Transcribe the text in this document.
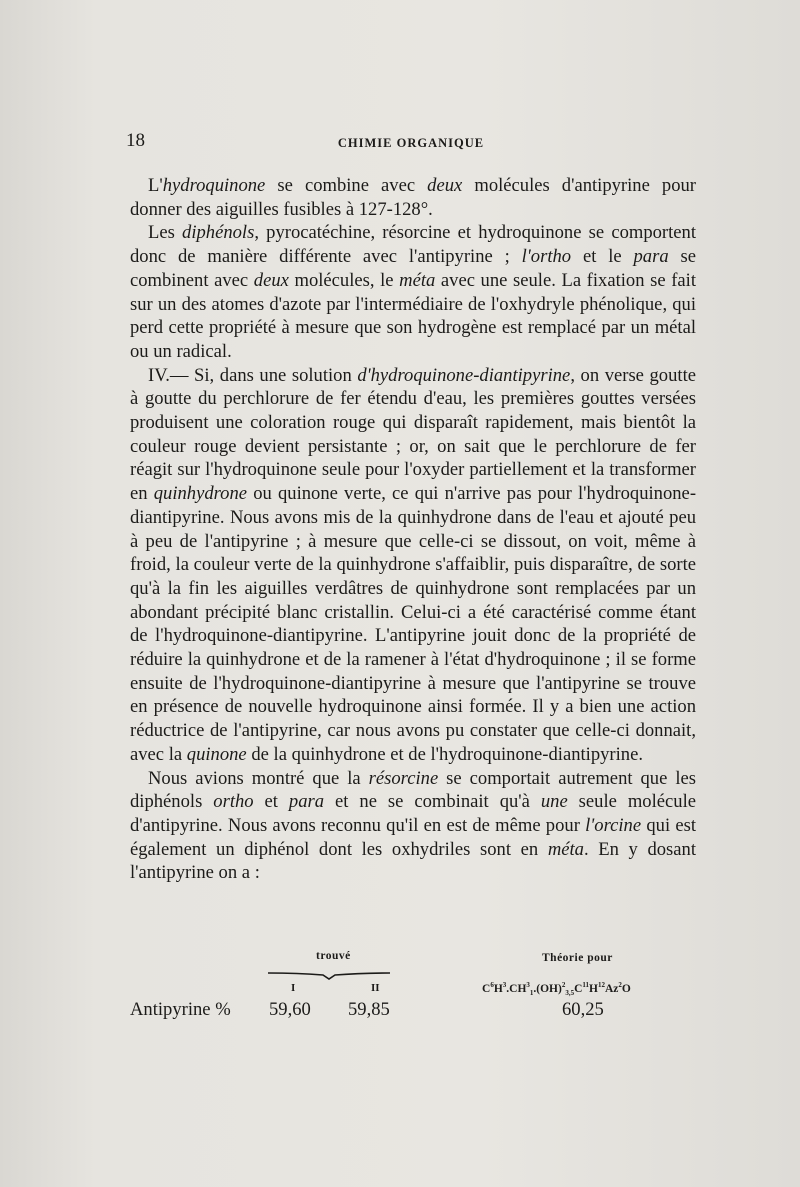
18	CHIMIE ORGANIQUE

L'hydroquinone se combine avec deux molécules d'antipyrine pour donner des aiguilles fusibles à 127-128°.

Les diphénols, pyrocatéchine, résorcine et hydroquinone se comportent donc de manière différente avec l'antipyrine ; l'ortho et le para se combinent avec deux molécules, le méta avec une seule. La fixation se fait sur un des atomes d'azote par l'intermédiaire de l'oxhydryle phénolique, qui perd cette propriété à mesure que son hydrogène est remplacé par un métal ou un radical.

IV.— Si, dans une solution d'hydroquinone-diantipyrine, on verse goutte à goutte du perchlorure de fer étendu d'eau, les premières gouttes versées produisent une coloration rouge qui disparaît rapidement, mais bientôt la couleur rouge devient persistante ; or, on sait que le perchlorure de fer réagit sur l'hydroquinone seule pour l'oxyder partiellement et la transformer en quinhydrone ou quinone verte, ce qui n'arrive pas pour l'hydroquinone-diantipyrine. Nous avons mis de la quinhydrone dans de l'eau et ajouté peu à peu de l'antipyrine ; à mesure que celle-ci se dissout, on voit, même à froid, la couleur verte de la quinhydrone s'affaiblir, puis disparaître, de sorte qu'à la fin les aiguilles verdâtres de quinhydrone sont remplacées par un abondant précipité blanc cristallin. Celui-ci a été caractérisé comme étant de l'hydroquinone-diantipyrine. L'antipyrine jouit donc de la propriété de réduire la quinhydrone et de la ramener à l'état d'hydroquinone ; il se forme ensuite de l'hydroquinone-diantipyrine à mesure que l'antipyrine se trouve en présence de nouvelle hydroquinone ainsi formée. Il y a bien une action réductrice de l'antipyrine, car nous avons pu constater que celle-ci donnait, avec la quinone de la quinhydrone et de l'hydroquinone-diantipyrine.

Nous avions montré que la résorcine se comportait autrement que les diphénols ortho et para et ne se combinait qu'à une seule molécule d'antipyrine. Nous avons reconnu qu'il en est de même pour l'orcine qui est également un diphénol dont les oxhydriles sont en méta. En y dosant l'antipyrine on a :

trouvé	Théorie pour
I	II	$C^6H^3.CH^3_1.(OH)^2_{3,5}C^{11}H^{12}Az^2O$
Antipyrine % 59,60 59,85	60,25
